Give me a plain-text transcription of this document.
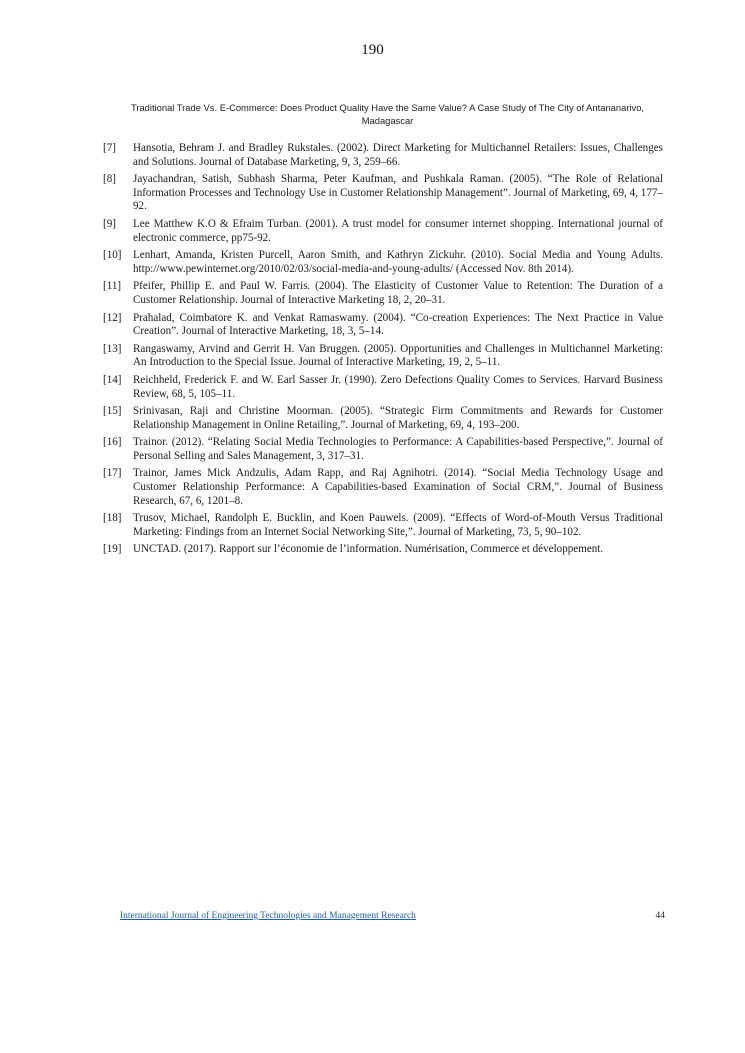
190
Traditional Trade Vs. E-Commerce: Does Product Quality Have the Same Value? A Case Study of The City of Antananarivo, Madagascar
[7]	Hansotia, Behram J. and Bradley Rukstales. (2002). Direct Marketing for Multichannel Retailers: Issues, Challenges and Solutions. Journal of Database Marketing, 9, 3, 259–66.
[8]	Jayachandran, Satish, Subhash Sharma, Peter Kaufman, and Pushkala Raman. (2005). “The Role of Relational Information Processes and Technology Use in Customer Relationship Management”. Journal of Marketing, 69, 4, 177–92.
[9]	Lee Matthew K.O & Efraim Turban. (2001). A trust model for consumer internet shopping. International journal of electronic commerce, pp75-92.
[10]	Lenhart, Amanda, Kristen Purcell, Aaron Smith, and Kathryn Zickuhr. (2010). Social Media and Young Adults. http://www.pewinternet.org/2010/02/03/social-media-and-young-adults/ (Accessed Nov. 8th 2014).
[11]	Pfeifer, Phillip E. and Paul W. Farris. (2004). The Elasticity of Customer Value to Retention: The Duration of a Customer Relationship. Journal of Interactive Marketing 18, 2, 20–31.
[12]	Prahalad, Coimbatore K. and Venkat Ramaswamy. (2004). “Co-creation Experiences: The Next Practice in Value Creation”. Journal of Interactive Marketing, 18, 3, 5–14.
[13]	Rangaswamy, Arvind and Gerrit H. Van Bruggen. (2005). Opportunities and Challenges in Multichannel Marketing: An Introduction to the Special Issue. Journal of Interactive Marketing, 19, 2, 5–11.
[14]	Reichheld, Frederick F. and W. Earl Sasser Jr. (1990). Zero Defections Quality Comes to Services. Harvard Business Review, 68, 5, 105–11.
[15]	Srinivasan, Raji and Christine Moorman. (2005). “Strategic Firm Commitments and Rewards for Customer Relationship Management in Online Retailing,”. Journal of Marketing, 69, 4, 193–200.
[16]	Trainor. (2012). “Relating Social Media Technologies to Performance: A Capabilities-based Perspective,”. Journal of Personal Selling and Sales Management, 3, 317–31.
[17]	Trainor, James Mick Andzulis, Adam Rapp, and Raj Agnihotri. (2014). “Social Media Technology Usage and Customer Relationship Performance: A Capabilities-based Examination of Social CRM,”. Journal of Business Research, 67, 6, 1201–8.
[18]	Trusov, Michael, Randolph E. Bucklin, and Koen Pauwels. (2009). “Effects of Word-of-Mouth Versus Traditional Marketing: Findings from an Internet Social Networking Site,”. Journal of Marketing, 73, 5, 90–102.
[19]	UNCTAD. (2017). Rapport sur l’économie de l’information. Numérisation, Commerce et développement.
International Journal of Engineering Technologies and Management Research	44
